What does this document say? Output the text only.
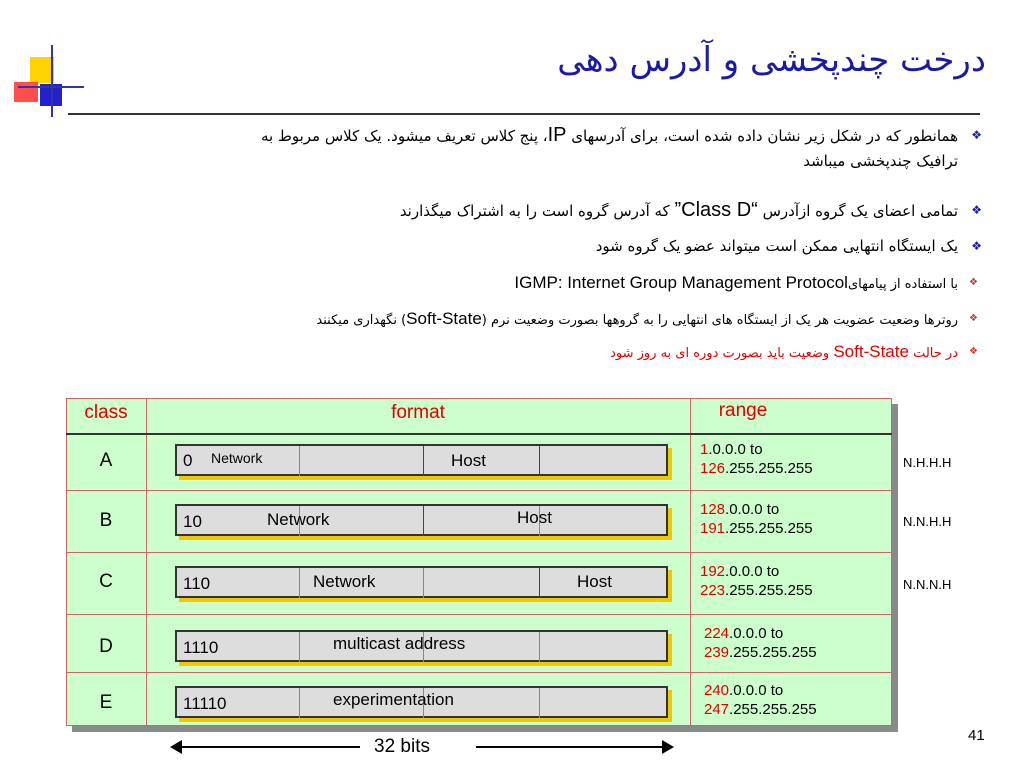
درخت چندپخشی و آدرس دهی
❖
همانطور که در شکل زیر نشان داده شده است، برای آدرسهای IP، پنج کلاس تعریف میشود. یک کلاس مربوط به
ترافیک چندپخشی میباشد
❖
تمامی اعضای یک گروه ازآدرس “Class D” که آدرس گروه است را به اشتراک میگذارند
❖
یک ایستگاه انتهایی ممکن است میتواند عضو یک گروه شود
❖
با استفاده از پیامهایIGMP: Internet Group Management Protocol
❖
روترها وضعیت عضویت هر یک از ایستگاه های انتهایی را به گروهها بصورت وضعیت نرم (Soft-State) نگهداری میکنند
❖
در حالت Soft-State وضعیت باید بصورت دوره ای به روز شود
class	format	range
A	0 Network	Host
1.0.0.0 to
126.255.255.255	N.H.H.H
B	10	Network	Host	128.0.0.0 to
191.255.255.255	N.N.H.H
C	110	Network	Host
192.0.0.0 to
223.255.255.255	N.N.N.H
D	1110	multicast address
224.0.0.0 to
239.255.255.255
E	11110	experimentation	240.0.0.0 to
247.255.255.255
32 bits
41
